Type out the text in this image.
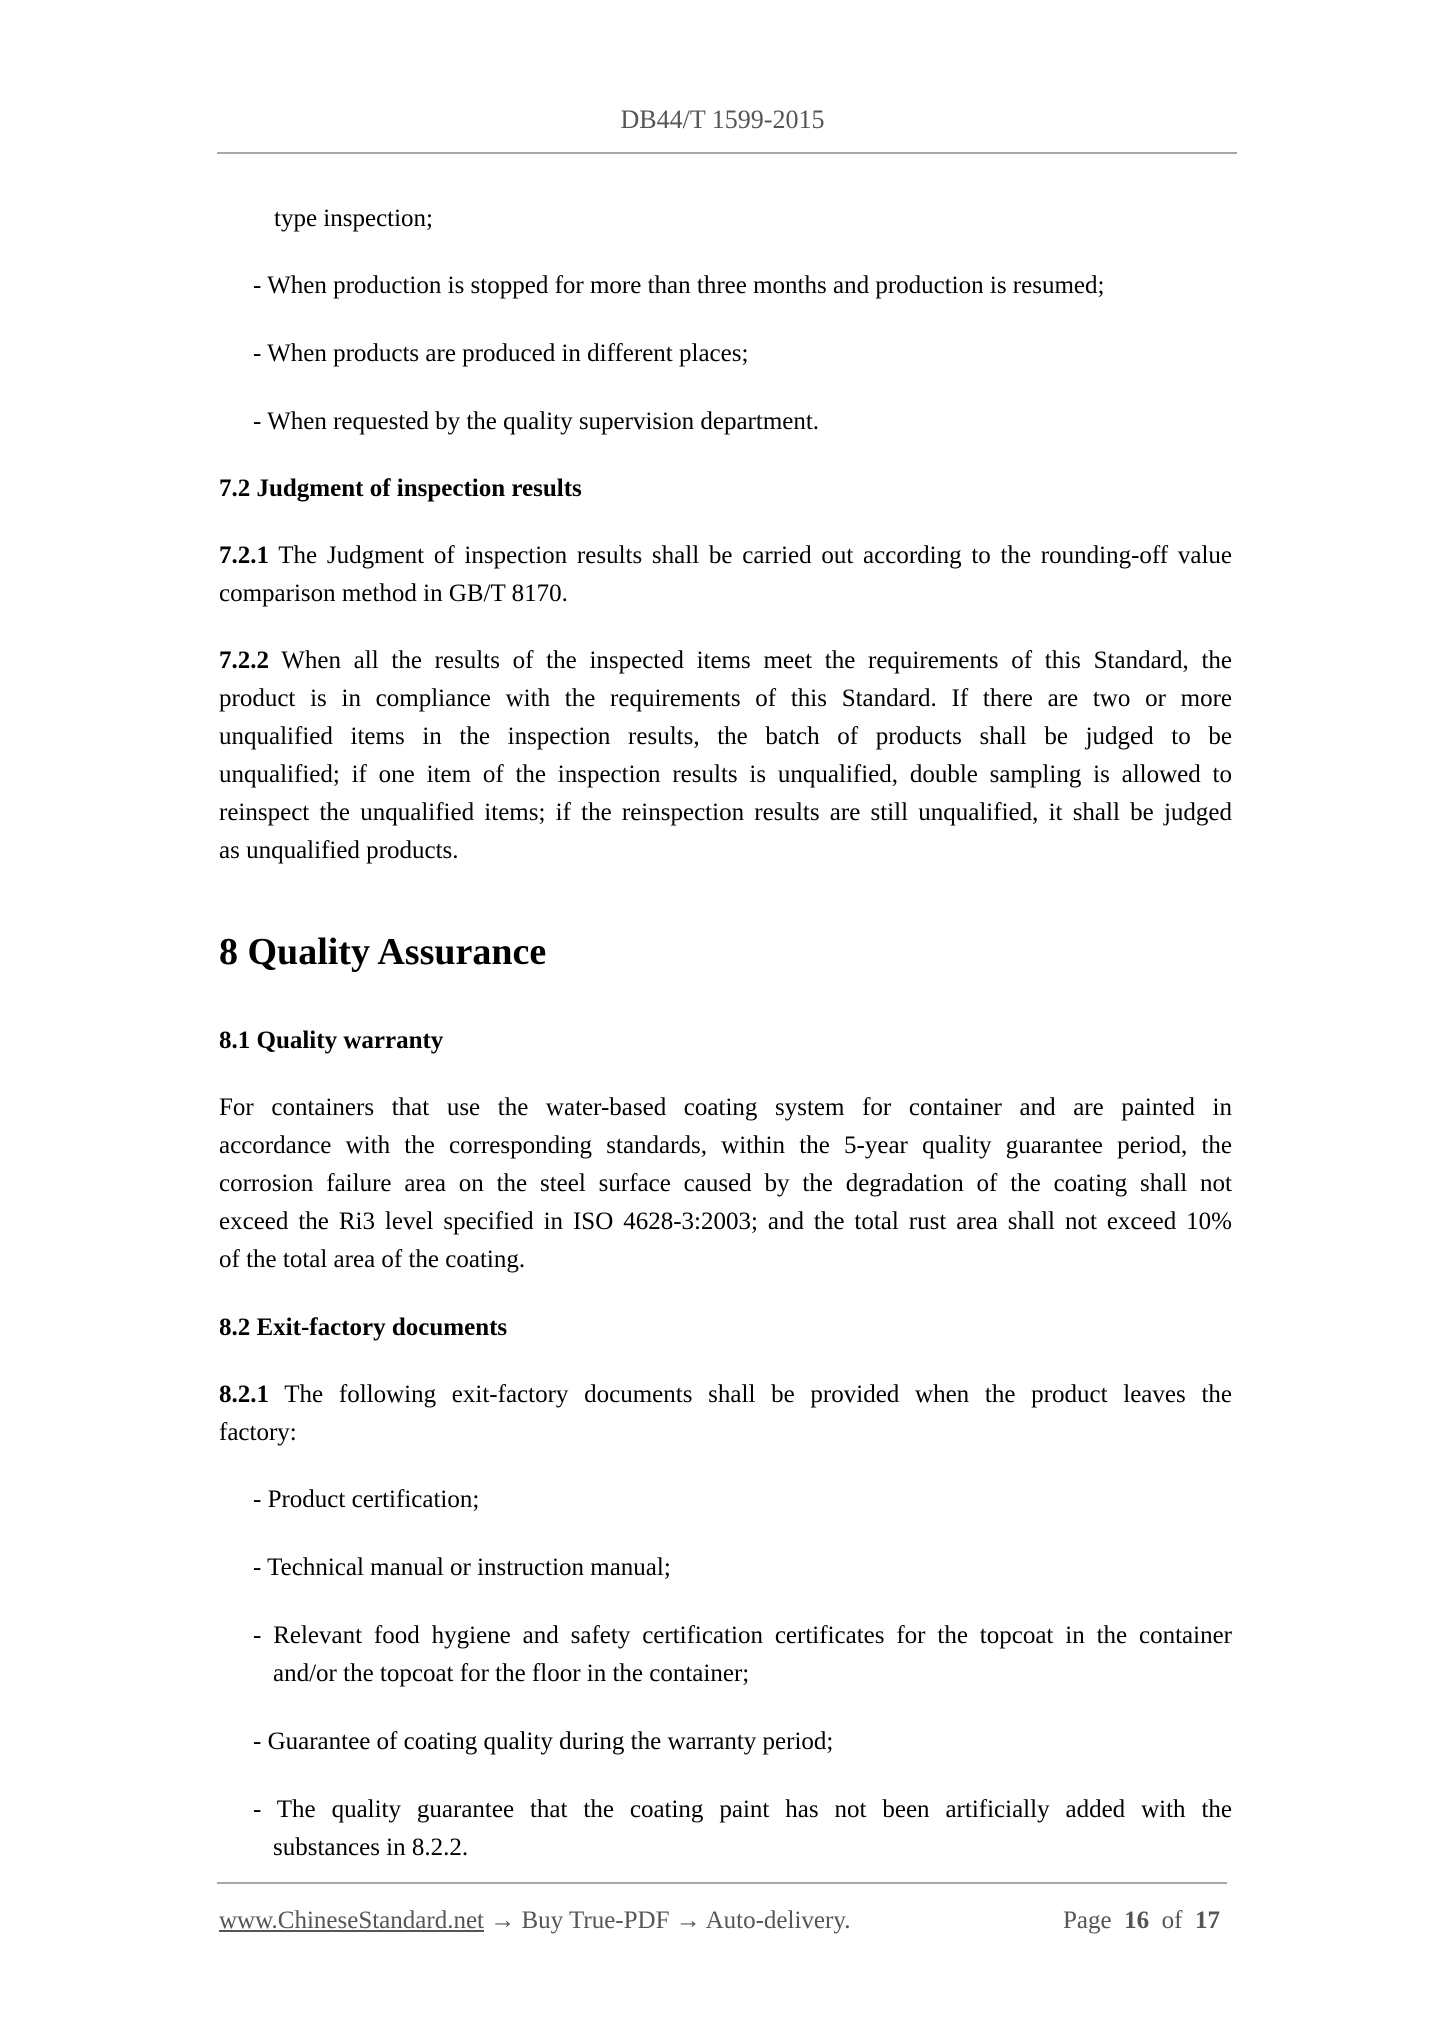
DB44/T 1599-2015
type inspection;
- When production is stopped for more than three months and production is resumed;
- When products are produced in different places;
- When requested by the quality supervision department.
7.2 Judgment of inspection results
7.2.1 The Judgment of inspection results shall be carried out according to the rounding-off value
comparison method in GB/T 8170.
7.2.2 When all the results of the inspected items meet the requirements of this Standard, the
product is in compliance with the requirements of this Standard. If there are two or more
unqualified items in the inspection results, the batch of products shall be judged to be
unqualified; if one item of the inspection results is unqualified, double sampling is allowed to
reinspect the unqualified items; if the reinspection results are still unqualified, it shall be judged
as unqualified products.
8 Quality Assurance
8.1 Quality warranty
For containers that use the water-based coating system for container and are painted in
accordance with the corresponding standards, within the 5-year quality guarantee period, the
corrosion failure area on the steel surface caused by the degradation of the coating shall not
exceed the Ri3 level specified in ISO 4628-3:2003; and the total rust area shall not exceed 10%
of the total area of the coating.
8.2 Exit-factory documents
8.2.1 The following exit-factory documents shall be provided when the product leaves the
factory:
- Product certification;
- Technical manual or instruction manual;
- Relevant food hygiene and safety certification certificates for the topcoat in the container
and/or the topcoat for the floor in the container;
- Guarantee of coating quality during the warranty period;
- The quality guarantee that the coating paint has not been artificially added with the
substances in 8.2.2.
www.ChineseStandard.net → Buy True-PDF → Auto-delivery.	Page 16 of 17
